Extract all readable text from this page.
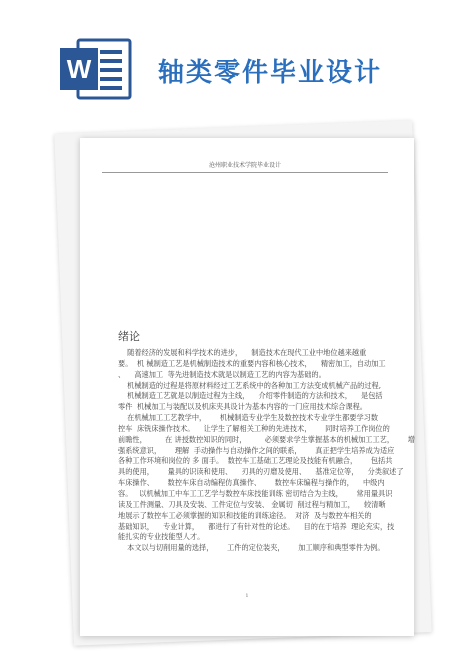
W	轴类零件毕业设计
沧州职业技术学院毕业设计
绪论
随着经济的发展和科学技术的进步，    制造技术在现代工业中地位越来越重
要。  机 械制造工艺是机械制造技术的重要内容和核心技术，    精密加工，自动加工
、    高速加工  等先进制造技术就是以制造工艺的内容为基础的。
机械制造的过程是将原材料经过工艺系统中的各种加工方法变成机械产品的过程,
机械制造工艺就是以制造过程为主线，    介绍零件制造的方法和技术，    是包括
零件  机械加工与装配以及机床夹具设计为基本内容的一门应用技术综合课程。
在机械加工工艺教学中，      机械制造专业学生及数控技术专业学生都要学习数
控车  床铣床操作技术。    让学生了解相关工种的先进技术，      同时培养工作岗位的
前瞻性，        在 讲授数控知识的同时，        必须要求学生掌握基本的机械加工工艺，      增
强系统意识，      理解  手动操作与自动操作之间的联系，      真正把学生培养成为适应
各种工作环境和岗位的 多 面手。  数控车工基础工艺理论及技能有机融合，      包括共
具的使用，      量具的识读和使用、    刃具的刃磨及使用、    基准定位等，    分类叙述了
车床操作、      数控车床自动编程仿真操作、      数控车床编程与操作的，    中级内
容。   以机械加工中车工工艺学与数控车床技能训练 密切结合为主线，      常用量具识
读及工件测量、刀具及安装、工件定位与安装、 金属切  削过程与精加工，    较清晰
地展示了数控车工必须掌握的知识和技能的训练途径。  对济  及与数控车相关的
基础知识，    专业计算，    都进行了有针对性的论述。    目的在于培养  理论充实，技
能扎实的专业技能型人才。
本文以与切削用量的选择，      工件的定位装夹，      加工顺序和典型零件为例。
1
